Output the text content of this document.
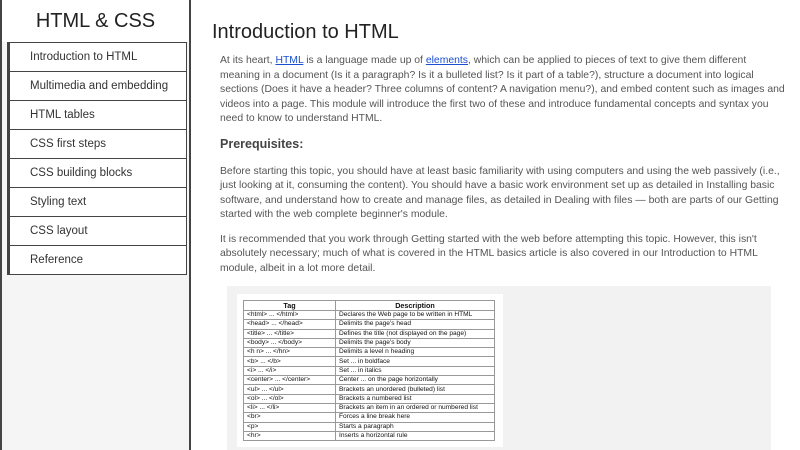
HTML & CSS
Introduction to HTML
Multimedia and embedding
HTML tables
CSS first steps
CSS building blocks
Styling text
CSS layout
Reference
Introduction to HTML

At its heart, HTML is a language made up of elements, which can be applied to pieces of text to give them different meaning in a document (Is it a paragraph? Is it a bulleted list? Is it part of a table?), structure a document into logical sections (Does it have a header? Three columns of content? A navigation menu?), and embed content such as images and videos into a page. This module will introduce the first two of these and introduce fundamental concepts and syntax you need to know to understand HTML.

Prerequisites:

Before starting this topic, you should have at least basic familiarity with using computers and using the web passively (i.e., just looking at it, consuming the content). You should have a basic work environment set up as detailed in Installing basic software, and understand how to create and manage files, as detailed in Dealing with files — both are parts of our Getting started with the web complete beginner's module.

It is recommended that you work through Getting started with the web before attempting this topic. However, this isn't absolutely necessary; much of what is covered in the HTML basics article is also covered in our Introduction to HTML module, albeit in a lot more detail.

Tag	Description
<html> ... </html>	Declares the Web page to be written in HTML
<head> ... </head>	Delimits the page's head
<title> ... </title>	Defines the title (not displayed on the page)
<body> ... </body>	Delimits the page's body
<h n> ... </hn>	Delimits a level n heading
<b> ... </b>	Set ... in boldface
<i> ... </i>	Set ... in italics
<center> ... </center>	Center ... on the page horizontally
<ul> ... </ul>	Brackets an unordered (bulleted) list
<ol> ... </ol>	Brackets a numbered list
<li> ... </li>	Brackets an item in an ordered or numbered list
<br>	Forces a line break here
<p>	Starts a paragraph
<hr>	Inserts a horizontal rule
